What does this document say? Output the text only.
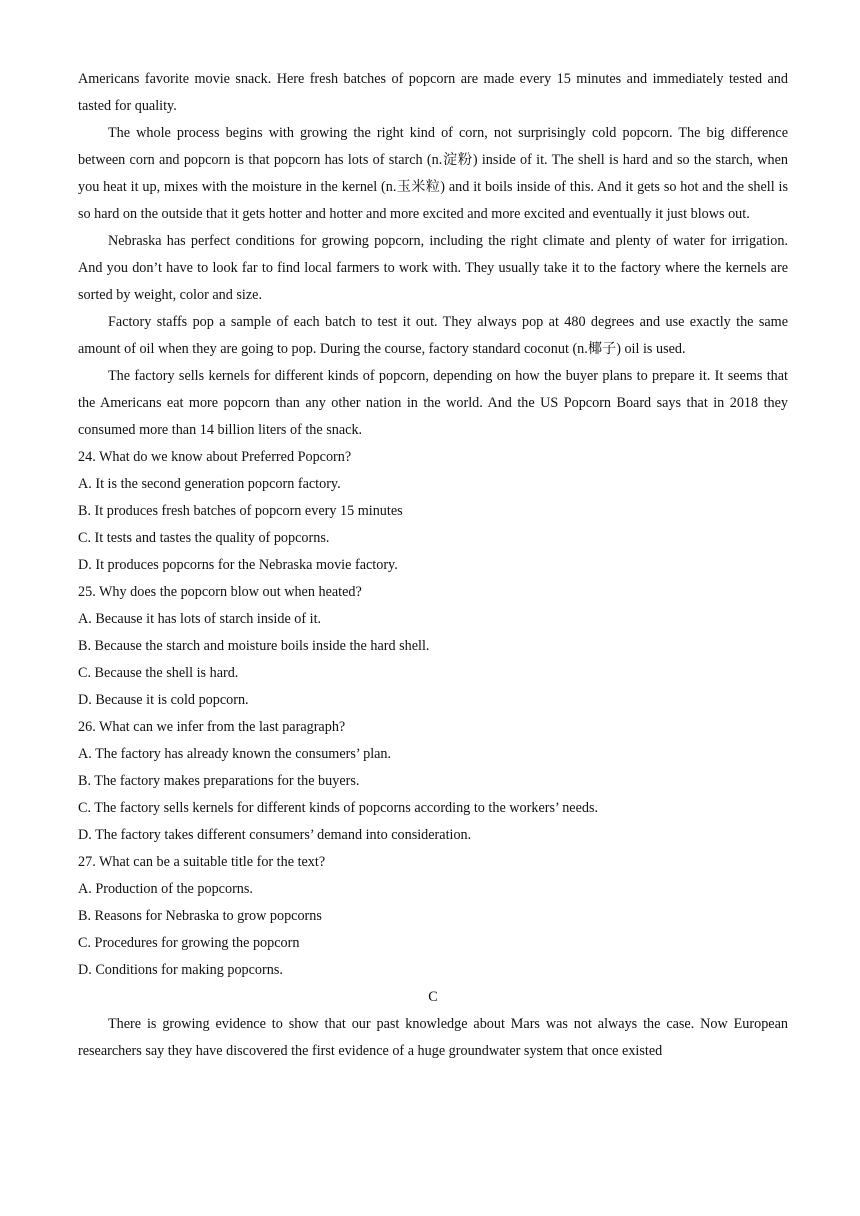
Americans favorite movie snack. Here fresh batches of popcorn are made every 15 minutes and immediately tested and tasted for quality.

The whole process begins with growing the right kind of corn, not surprisingly cold popcorn. The big difference between corn and popcorn is that popcorn has lots of starch (n.淀粉) inside of it. The shell is hard and so the starch, when you heat it up, mixes with the moisture in the kernel (n.玉米粒) and it boils inside of this. And it gets so hot and the shell is so hard on the outside that it gets hotter and hotter and more excited and more excited and eventually it just blows out.

Nebraska has perfect conditions for growing popcorn, including the right climate and plenty of water for irrigation. And you don’t have to look far to find local farmers to work with. They usually take it to the factory where the kernels are sorted by weight, color and size.

Factory staffs pop a sample of each batch to test it out. They always pop at 480 degrees and use exactly the same amount of oil when they are going to pop. During the course, factory standard coconut (n.椰子) oil is used.

The factory sells kernels for different kinds of popcorn, depending on how the buyer plans to prepare it. It seems that the Americans eat more popcorn than any other nation in the world. And the US Popcorn Board says that in 2018 they consumed more than 14 billion liters of the snack.

24. What do we know about Preferred Popcorn?

A. It is the second generation popcorn factory.

B. It produces fresh batches of popcorn every 15 minutes

C. It tests and tastes the quality of popcorns.

D. It produces popcorns for the Nebraska movie factory.

25. Why does the popcorn blow out when heated?

A. Because it has lots of starch inside of it.

B. Because the starch and moisture boils inside the hard shell.

C. Because the shell is hard.

D. Because it is cold popcorn.

26. What can we infer from the last paragraph?

A. The factory has already known the consumers’ plan.

B. The factory makes preparations for the buyers.

C. The factory sells kernels for different kinds of popcorns according to the workers’ needs.

D. The factory takes different consumers’ demand into consideration.

27. What can be a suitable title for the text?

A. Production of the popcorns.

B. Reasons for Nebraska to grow popcorns

C. Procedures for growing the popcorn

D. Conditions for making popcorns.

C

There is growing evidence to show that our past knowledge about Mars was not always the case. Now European researchers say they have discovered the first evidence of a huge groundwater system that once existed
